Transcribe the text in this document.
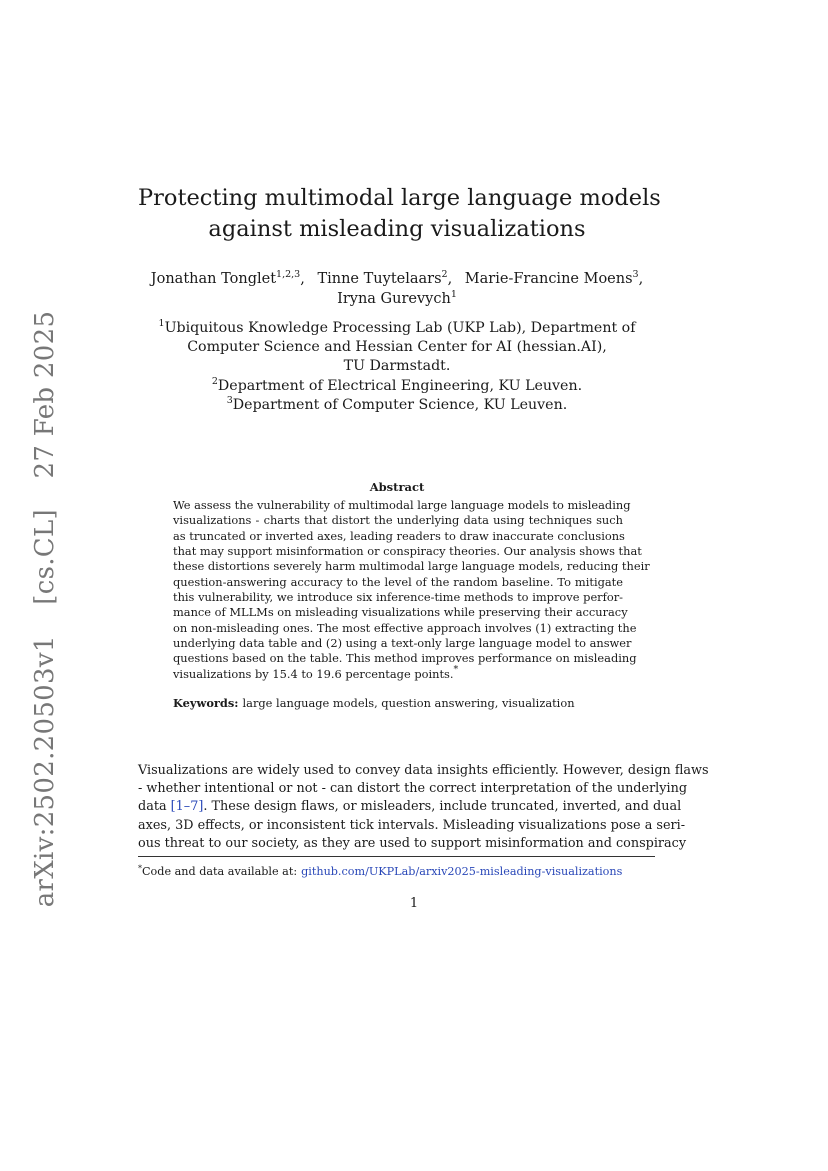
arXiv:2502.20503v1 [cs.CL] 27 Feb 2025
Protecting multimodal large language models
against misleading visualizations
Jonathan Tonglet$^{1,2,3}$, Tinne Tuytelaars$^2$, Marie-Francine Moens$^3$,
Iryna Gurevych$^1$
$^1$Ubiquitous Knowledge Processing Lab (UKP Lab), Department of
Computer Science and Hessian Center for AI (hessian.AI),
TU Darmstadt.
$^2$Department of Electrical Engineering, KU Leuven.
$^3$Department of Computer Science, KU Leuven.
Abstract
We assess the vulnerability of multimodal large language models to misleading
visualizations - charts that distort the underlying data using techniques such
as truncated or inverted axes, leading readers to draw inaccurate conclusions
that may support misinformation or conspiracy theories. Our analysis shows that
these distortions severely harm multimodal large language models, reducing their
question-answering accuracy to the level of the random baseline. To mitigate
this vulnerability, we introduce six inference-time methods to improve perfor-
mance of MLLMs on misleading visualizations while preserving their accuracy
on non-misleading ones. The most effective approach involves (1) extracting the
underlying data table and (2) using a text-only large language model to answer
questions based on the table. This method improves performance on misleading
visualizations by 15.4 to 19.6 percentage points.*
Keywords: large language models, question answering, visualization
Visualizations are widely used to convey data insights efficiently. However, design flaws
- whether intentional or not - can distort the correct interpretation of the underlying
data [1–7]. These design flaws, or misleaders, include truncated, inverted, and dual
axes, 3D effects, or inconsistent tick intervals. Misleading visualizations pose a seri-
ous threat to our society, as they are used to support misinformation and conspiracy
*Code and data available at: github.com/UKPLab/arxiv2025-misleading-visualizations
1
